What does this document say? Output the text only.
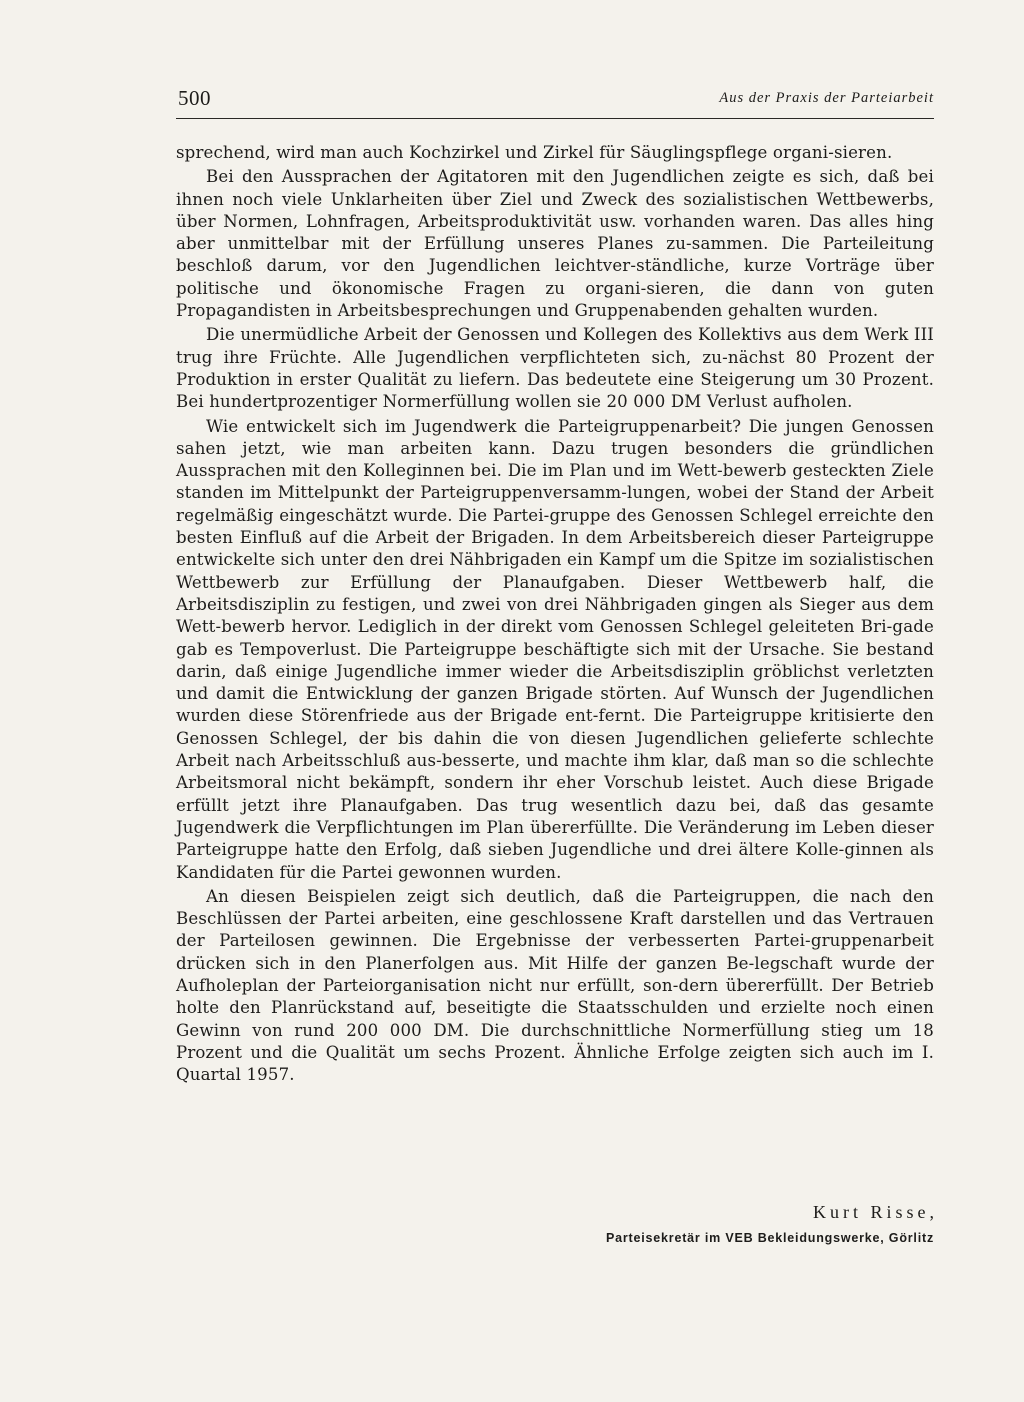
500	Aus der Praxis der Parteiarbeit

sprechend, wird man auch Kochzirkel und Zirkel für Säuglingspflege organi-sieren.

Bei den Aussprachen der Agitatoren mit den Jugendlichen zeigte es sich, daß bei ihnen noch viele Unklarheiten über Ziel und Zweck des sozialistischen Wettbewerbs, über Normen, Lohnfragen, Arbeitsproduktivität usw. vorhanden waren. Das alles hing aber unmittelbar mit der Erfüllung unseres Planes zu-sammen. Die Parteileitung beschloß darum, vor den Jugendlichen leichtver-ständliche, kurze Vorträge über politische und ökonomische Fragen zu organi-sieren, die dann von guten Propagandisten in Arbeitsbesprechungen und Gruppenabenden gehalten wurden.

Die unermüdliche Arbeit der Genossen und Kollegen des Kollektivs aus dem Werk III trug ihre Früchte. Alle Jugendlichen verpflichteten sich, zu-nächst 80 Prozent der Produktion in erster Qualität zu liefern. Das bedeutete eine Steigerung um 30 Prozent. Bei hundertprozentiger Normerfüllung wollen sie 20 000 DM Verlust aufholen.

Wie entwickelt sich im Jugendwerk die Parteigruppenarbeit? Die jungen Genossen sahen jetzt, wie man arbeiten kann. Dazu trugen besonders die gründlichen Aussprachen mit den Kolleginnen bei. Die im Plan und im Wett-bewerb gesteckten Ziele standen im Mittelpunkt der Parteigruppenversamm-lungen, wobei der Stand der Arbeit regelmäßig eingeschätzt wurde. Die Partei-gruppe des Genossen Schlegel erreichte den besten Einfluß auf die Arbeit der Brigaden. In dem Arbeitsbereich dieser Parteigruppe entwickelte sich unter den drei Nähbrigaden ein Kampf um die Spitze im sozialistischen Wettbewerb zur Erfüllung der Planaufgaben. Dieser Wettbewerb half, die Arbeitsdisziplin zu festigen, und zwei von drei Nähbrigaden gingen als Sieger aus dem Wett-bewerb hervor. Lediglich in der direkt vom Genossen Schlegel geleiteten Bri-gade gab es Tempoverlust. Die Parteigruppe beschäftigte sich mit der Ursache. Sie bestand darin, daß einige Jugendliche immer wieder die Arbeitsdisziplin gröblichst verletzten und damit die Entwicklung der ganzen Brigade störten. Auf Wunsch der Jugendlichen wurden diese Störenfriede aus der Brigade ent-fernt. Die Parteigruppe kritisierte den Genossen Schlegel, der bis dahin die von diesen Jugendlichen gelieferte schlechte Arbeit nach Arbeitsschluß aus-besserte, und machte ihm klar, daß man so die schlechte Arbeitsmoral nicht bekämpft, sondern ihr eher Vorschub leistet. Auch diese Brigade erfüllt jetzt ihre Planaufgaben. Das trug wesentlich dazu bei, daß das gesamte Jugendwerk die Verpflichtungen im Plan übererfüllte. Die Veränderung im Leben dieser Parteigruppe hatte den Erfolg, daß sieben Jugendliche und drei ältere Kolle-ginnen als Kandidaten für die Partei gewonnen wurden.

An diesen Beispielen zeigt sich deutlich, daß die Parteigruppen, die nach den Beschlüssen der Partei arbeiten, eine geschlossene Kraft darstellen und das Vertrauen der Parteilosen gewinnen. Die Ergebnisse der verbesserten Partei-gruppenarbeit drücken sich in den Planerfolgen aus. Mit Hilfe der ganzen Be-legschaft wurde der Aufholeplan der Parteiorganisation nicht nur erfüllt, son-dern übererfüllt. Der Betrieb holte den Planrückstand auf, beseitigte die Staatsschulden und erzielte noch einen Gewinn von rund 200 000 DM. Die durchschnittliche Normerfüllung stieg um 18 Prozent und die Qualität um sechs Prozent. Ähnliche Erfolge zeigten sich auch im I. Quartal 1957.

Kurt Risse,
Parteisekretär im VEB Bekleidungswerke, Görlitz
